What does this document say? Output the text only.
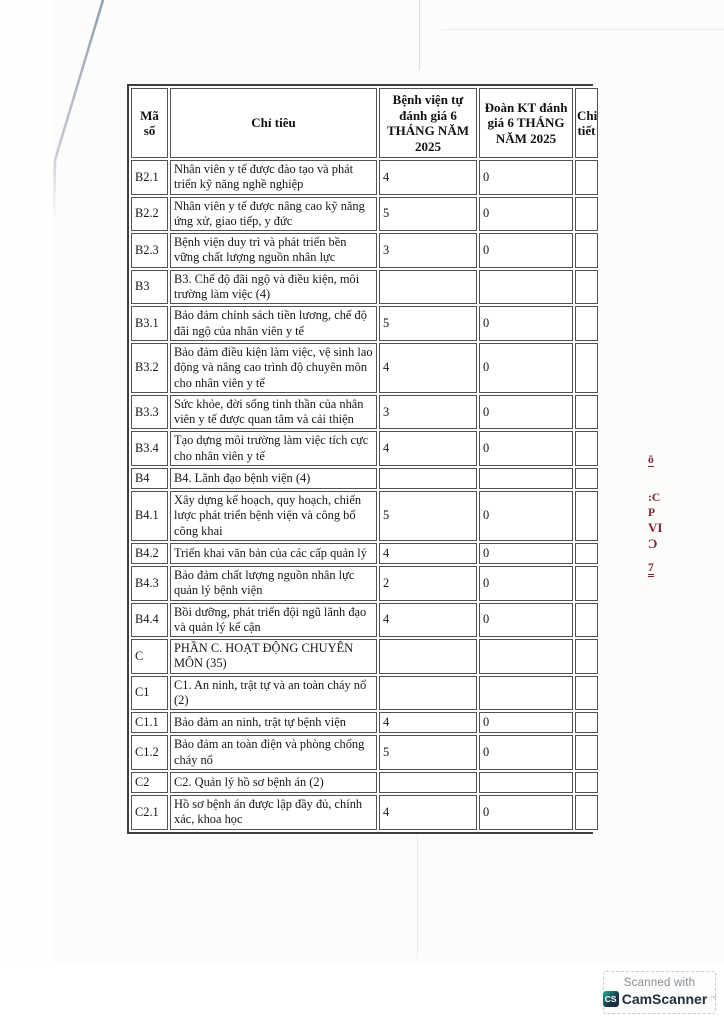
Mã số	Chỉ tiêu	Bệnh viện tự đánh giá 6 THÁNG NĂM 2025	Đoàn KT đánh giá 6 THÁNG NĂM 2025	Chi tiết
B2.1	Nhân viên y tế được đào tạo và phát triển kỹ năng nghề nghiệp	4	0	
B2.2	Nhân viên y tế được nâng cao kỹ năng ứng xử, giao tiếp, y đức	5	0	
B2.3	Bệnh viện duy trì và phát triển bền vững chất lượng nguồn nhân lực	3	0	
B3	B3. Chế độ đãi ngộ và điều kiện, môi trường làm việc (4)			
B3.1	Bảo đảm chính sách tiền lương, chế độ đãi ngộ của nhân viên y tế	5	0	
B3.2	Bảo đảm điều kiện làm việc, vệ sinh lao động và nâng cao trình độ chuyên môn cho nhân viên y tế	4	0	
B3.3	Sức khỏe, đời sống tinh thần của nhân viên y tế được quan tâm và cải thiện	3	0	
B3.4	Tạo dựng môi trường làm việc tích cực cho nhân viên y tế	4	0	
B4	B4. Lãnh đạo bệnh viện (4)			
B4.1	Xây dựng kế hoạch, quy hoạch, chiến lược phát triển bệnh viện và công bố công khai	5	0	
B4.2	Triển khai văn bản của các cấp quản lý	4	0	
B4.3	Bảo đảm chất lượng nguồn nhân lực quản lý bệnh viện	2	0	
B4.4	Bồi dưỡng, phát triển đội ngũ lãnh đạo và quản lý kế cận	4	0	
C	PHẦN C. HOẠT ĐỘNG CHUYÊN MÔN (35)			
C1	C1. An ninh, trật tự và an toàn cháy nổ (2)			
C1.1	Bảo đảm an ninh, trật tự bệnh viện	4	0	
C1.2	Bảo đảm an toàn điện và phòng chống cháy nổ	5	0	
C2	C2. Quản lý hồ sơ bệnh án (2)			
C2.1	Hồ sơ bệnh án được lập đầy đủ, chính xác, khoa học	4	0	
ō
:C
P
VI
Ɔ
7
Scanned with
CS CamScanner ™
